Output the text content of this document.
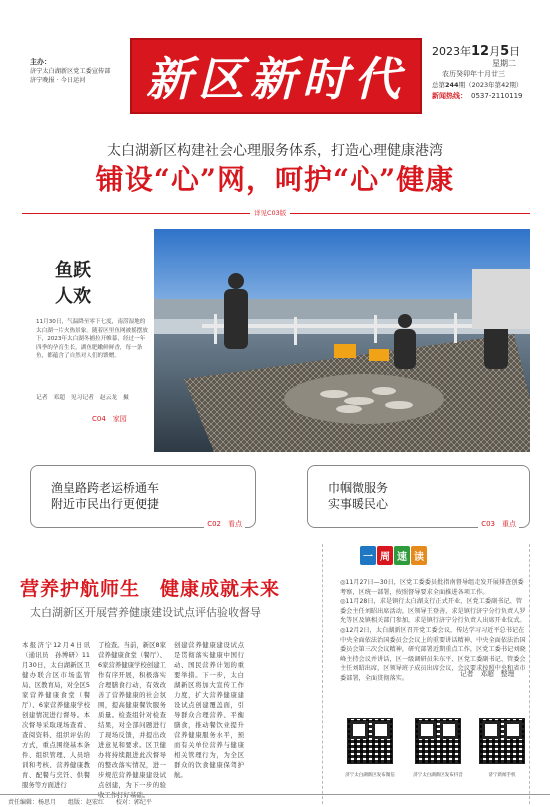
主办：
济宁太白湖新区党工委宣传部
济宁晚报 · 今日运河	新区新时代
2023年12月5日
星期二
农历癸卯年十月廿三
总第244期（2023年第42期）
新闻热线： 0537-2110119
太白湖新区构建社会心理服务体系，打造心理健康港湾
铺设“心”网，呵护“心”健康
详见C03版
鱼跃
人欢
11月30日，气温降至零下七度，南涝湿地的太白湖一片火热景象。随着区里鱼网被摇摆放下，2023年太白湖冬捕拉开帷幕，经过一年四季的孕育生长，湖鱼肥嫩鲜鲜香，每一条鱼，都蕴含了自然对人们的馈赠。
记者　邓超　见习记者　赵云龙　摄
C04　家园
渔皇路跨老运桥通车
附近市民出行更便捷
C02　看点
巾帼微服务
实事暖民心
C03　重点
营养护航师生　健康成就未来
太白湖新区开展营养健康建设试点评估验收督导
本报济宁12月4日讯（通讯员　孙博研）11月30日，太白湖新区卫健办联合区市场监管局、区教育局，对全区5家营养健康食堂（餐厅）、6家营养健康学校创建情况进行督导。本次督导采取现场查看、查阅资料、组织评估的方式，重点围绕基本条件、组织管理、人员培训和考核、营养健康教育、配餐与烹饪、供餐服务等方面进行
了检查。当前，新区8家营养健康食堂（餐厅）、6家营养健康学校创建工作有序开展，积极落实合理膳食行动，有效改善了营养健康的社会氛围，提高健康餐饮服务质量。检查组针对检查结果，对全部问题进行了现场反馈，并提出改进意见和要求。区卫健办将持续跟进此次督导的整改落实情况，进一步规范营养健康建设试点创建，为下一步的验收工作打好基础。
创建营养健康建设试点是贯彻落实健康中国行动、国民营养计划的重要举措。下一步，太白湖新区将加大宣传工作力度，扩大营养健康建设试点创建覆盖面，引导群众合理营养、平衡膳食，推动餐饮业提升营养健康服务水平，预而有关单位营养与健康相关管理行为，为全区群众的饮食健康保驾护航。
一 周 速 读

◎11月27日—30日，区党工委委员批指南督导组走发开展排查创委考察，区统一部署，按照督导要求全面推进各项工作。

◎11月28日，求是镇行太白湖支行正式开业，区党工委副书记、管委会主任刘昭出席活动，区领导王登善，求是镇行济宁分行负责人罗允等区及镇相关部门参加，求是镇行济宁分行负责人出席开业仪式。

◎12月2日，太白湖新区召开党工委会议，传达学习习近平总书记在中央全面依法治国委员会会议上的重要讲话精神、中央全面依法治国委员会第三次会议精神，研究部署近期重点工作，区党工委书记刘晓峰主持会议并讲话，区一级调研员朱东平、区党工委副书记、管委会主任刘昭出席，区领导班子成员出席会议，会议要求按照中央和省市委部署，全面贯彻落实。

记者　邓超　整理
济宁太白湖新区发布微信	济宁太白湖新区发布抖音	济宁新闻手机
责任编辑：杨思月 组版：赵宏红 校对：郭纪平
